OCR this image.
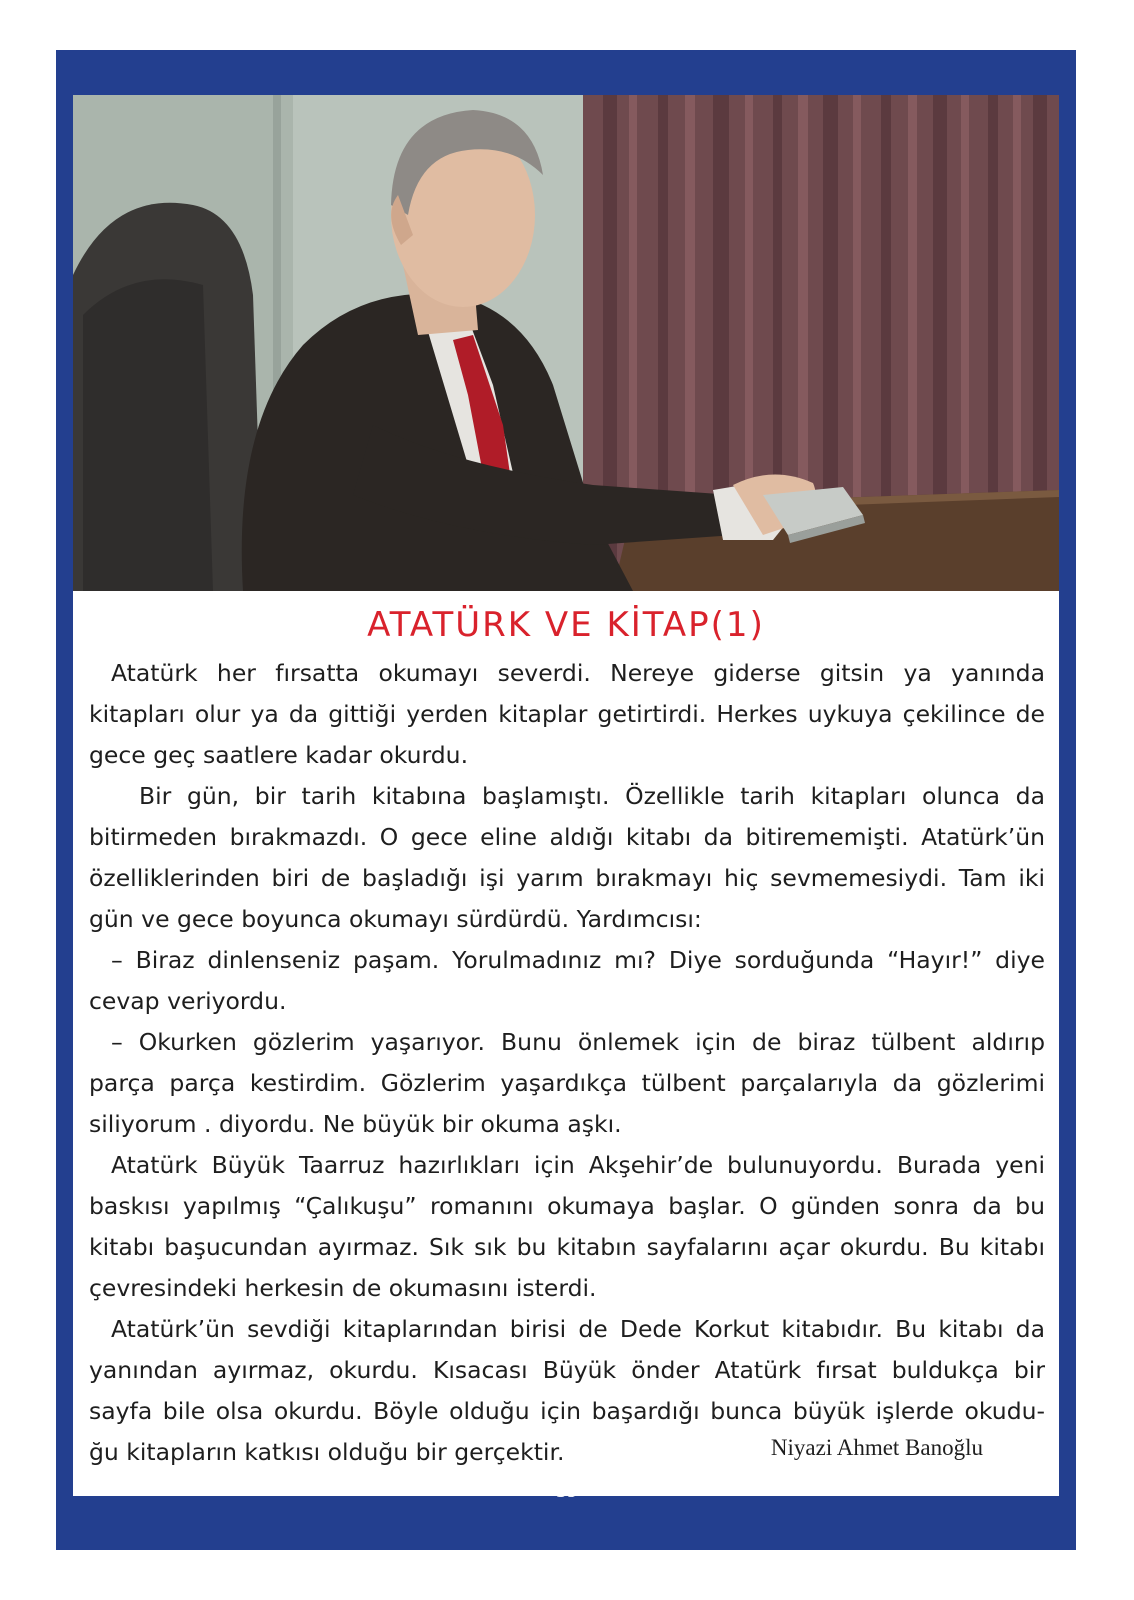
ATATÜRK VE KİTAP(1)
Atatürk her fırsatta okumayı severdi. Nereye giderse gitsin ya yanında
kitapları olur ya da gittiği yerden kitaplar getirtirdi. Herkes uykuya çekilince de
gece geç saatlere kadar okurdu.
Bir gün, bir tarih kitabına başlamıştı. Özellikle tarih kitapları olunca da
bitirmeden bırakmazdı. O gece eline aldığı kitabı da bitirememişti. Atatürk’ün
özelliklerinden biri de başladığı işi yarım bırakmayı hiç sevmemesiydi. Tam iki
gün ve gece boyunca okumayı sürdürdü. Yardımcısı:
– Biraz dinlenseniz paşam. Yorulmadınız mı? Diye sorduğunda “Hayır!” diye
cevap veriyordu.
– Okurken gözlerim yaşarıyor. Bunu önlemek için de biraz tülbent aldırıp
parça parça kestirdim. Gözlerim yaşardıkça tülbent parçalarıyla da gözlerimi
siliyorum . diyordu. Ne büyük bir okuma aşkı.
Atatürk Büyük Taarruz hazırlıkları için Akşehir’de bulunuyordu. Burada yeni
baskısı yapılmış “Çalıkuşu” romanını okumaya başlar. O günden sonra da bu
kitabı başucundan ayırmaz. Sık sık bu kitabın sayfalarını açar okurdu. Bu kitabı
çevresindeki herkesin de okumasını isterdi.
Atatürk’ün sevdiği kitaplarından birisi de Dede Korkut kitabıdır. Bu kitabı da
yanından ayırmaz, okurdu. Kısacası Büyük önder Atatürk fırsat buldukça bir
sayfa bile olsa okurdu. Böyle olduğu için başardığı bunca büyük işlerde okudu-
ğu kitapların katkısı olduğu bir gerçektir.	Niyazi Ahmet Banoğlu
39
